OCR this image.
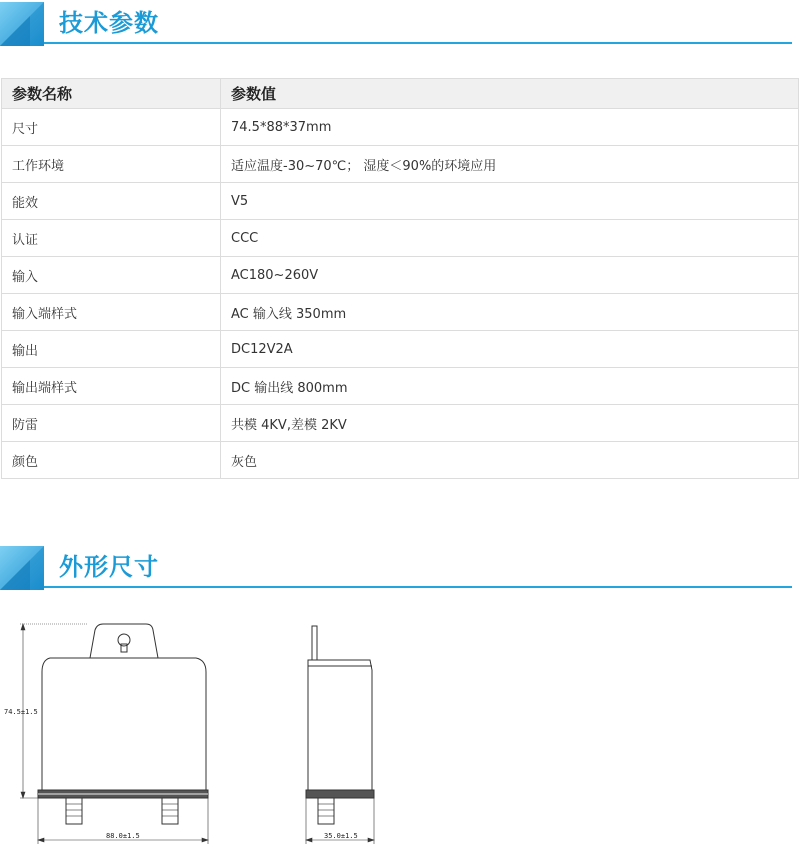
技术参数
参数名称	参数值
尺寸	74.5*88*37mm
工作环境	适应温度-30~70℃； 湿度＜90%的环境应用
能效	V5
认证	CCC
输入	AC180~260V
输入端样式	AC 输入线 350mm
输出	DC12V2A
输出端样式	DC 输出线 800mm
防雷	共模 4KV,差模 2KV
颜色	灰色
外形尺寸
74.5±1.5
88.0±1.5	35.0±1.5
